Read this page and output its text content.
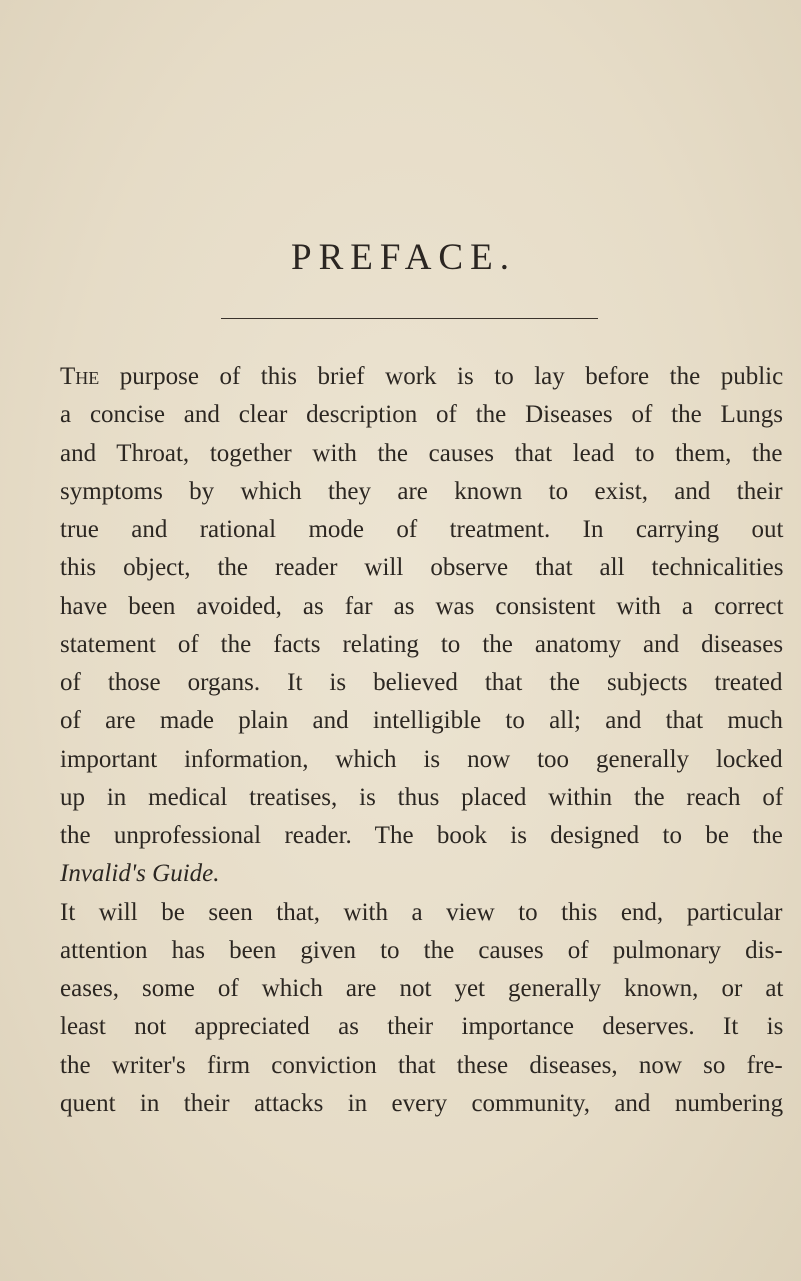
PREFACE.
The purpose of this brief work is to lay before the public
a concise and clear description of the Diseases of the Lungs
and Throat, together with the causes that lead to them, the
symptoms by which they are known to exist, and their
true and rational mode of treatment. In carrying out
this object, the reader will observe that all technicalities
have been avoided, as far as was consistent with a correct
statement of the facts relating to the anatomy and diseases
of those organs. It is believed that the subjects treated
of are made plain and intelligible to all; and that much
important information, which is now too generally locked
up in medical treatises, is thus placed within the reach of
the unprofessional reader. The book is designed to be the
Invalid's Guide.
It will be seen that, with a view to this end, particular
attention has been given to the causes of pulmonary dis-
eases, some of which are not yet generally known, or at
least not appreciated as their importance deserves. It is
the writer's firm conviction that these diseases, now so fre-
quent in their attacks in every community, and numbering
